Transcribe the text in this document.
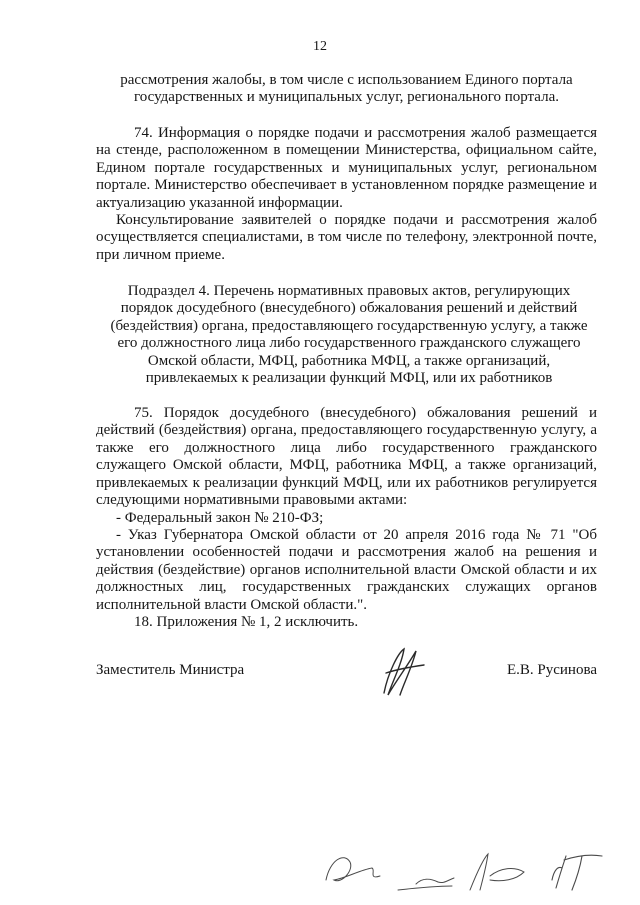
12

рассмотрения жалобы, в том числе с использованием Единого портала государственных и муниципальных услуг, регионального портала.

74. Информация о порядке подачи и рассмотрения жалоб размещается на стенде, расположенном в помещении Министерства, официальном сайте, Едином портале государственных и муниципальных услуг, региональном портале. Министерство обеспечивает в установленном порядке размещение и актуализацию указанной информации.

Консультирование заявителей о порядке подачи и рассмотрения жалоб осуществляется специалистами, в том числе по телефону, электронной почте, при личном приеме.

Подраздел 4. Перечень нормативных правовых актов, регулирующих порядок досудебного (внесудебного) обжалования решений и действий (бездействия) органа, предоставляющего государственную услугу, а также его должностного лица либо государственного гражданского служащего Омской области, МФЦ, работника МФЦ, а также организаций, привлекаемых к реализации функций МФЦ, или их работников

75. Порядок досудебного (внесудебного) обжалования решений и действий (бездействия) органа, предоставляющего государственную услугу, а также его должностного лица либо государственного гражданского служащего Омской области, МФЦ, работника МФЦ, а также организаций, привлекаемых к реализации функций МФЦ, или их работников регулируется следующими нормативными правовыми актами:

- Федеральный закон № 210-ФЗ;

- Указ Губернатора Омской области от 20 апреля 2016 года № 71 "Об установлении особенностей подачи и рассмотрения жалоб на решения и действия (бездействие) органов исполнительной власти Омской области и их должностных лиц, государственных гражданских служащих органов исполнительной власти Омской области.".

18. Приложения № 1, 2 исключить.

Заместитель Министра	Е.В. Русинова
